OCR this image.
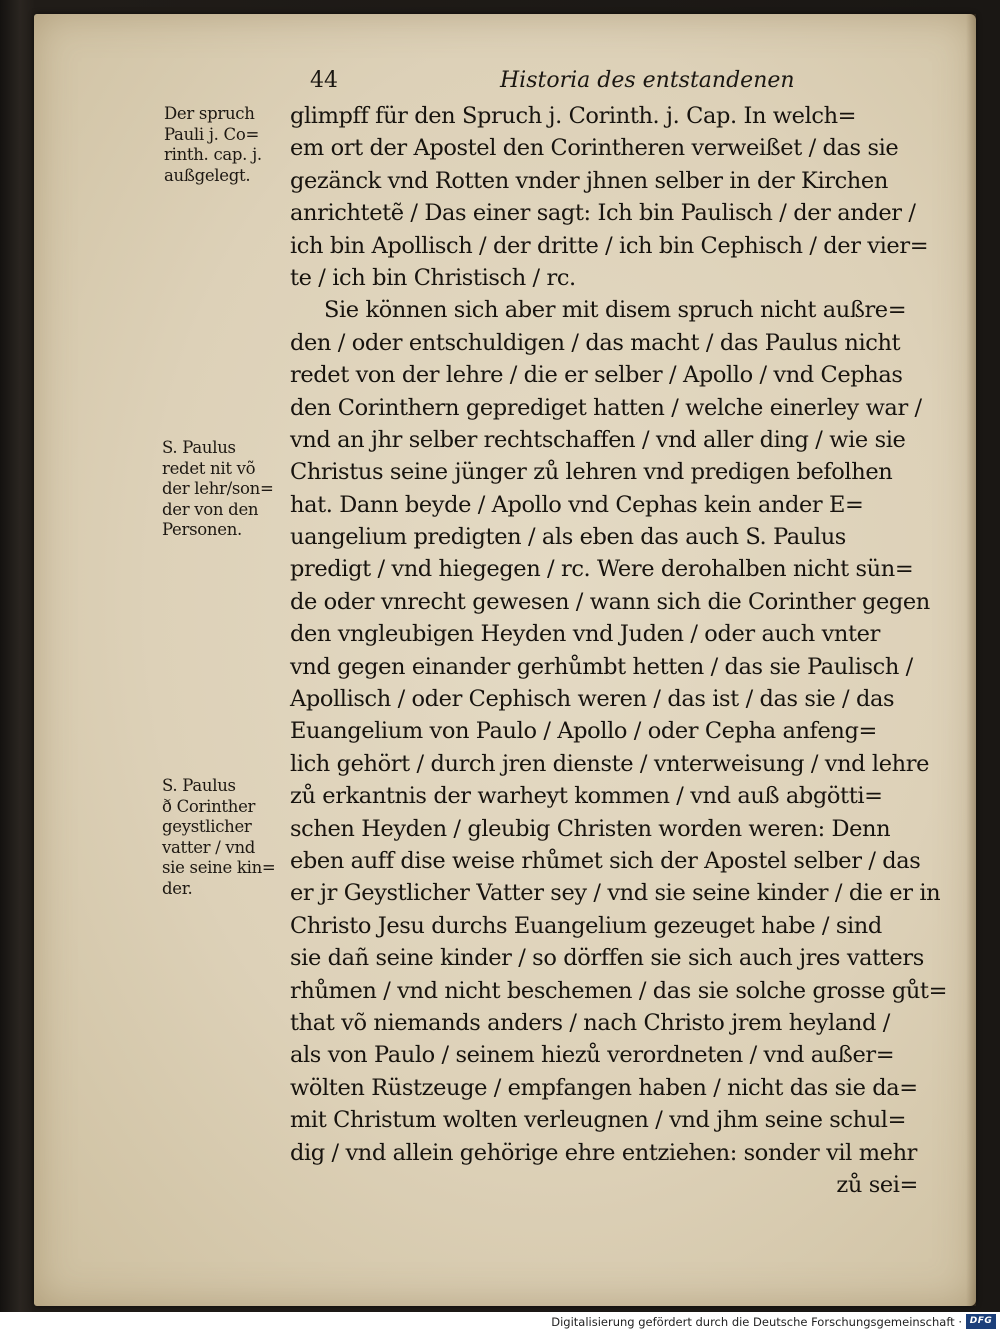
44	Historia des entstandenen
Der spruch
Pauli j. Co=
rinth. cap. j.
außgelegt.
S. Paulus
redet nit võ
der lehr/son=
der von den
Personen.
S. Paulus
ð Corinther
geystlicher
vatter / vnd
sie seine kin=
der.
glimpff für den Spruch j. Corinth. j. Cap. In welch=
em ort der Apostel den Corintheren verweißet / das sie
gezänck vnd Rotten vnder jhnen selber in der Kirchen
anrichtetẽ / Das einer sagt: Ich bin Paulisch / der ander /
ich bin Apollisch / der dritte / ich bin Cephisch / der vier=
te / ich bin Christisch / rc.
Sie können sich aber mit disem spruch nicht außre=
den / oder entschuldigen / das macht / das Paulus nicht
redet von der lehre / die er selber / Apollo / vnd Cephas
den Corinthern geprediget hatten / welche einerley war /
vnd an jhr selber rechtschaffen / vnd aller ding / wie sie
Christus seine jünger zů lehren vnd predigen befolhen
hat. Dann beyde / Apollo vnd Cephas kein ander E=
uangelium predigten / als eben das auch S. Paulus
predigt / vnd hiegegen / rc. Were derohalben nicht sün=
de oder vnrecht gewesen / wann sich die Corinther gegen
den vngleubigen Heyden vnd Juden / oder auch vnter
vnd gegen einander gerhůmbt hetten / das sie Paulisch /
Apollisch / oder Cephisch weren / das ist / das sie / das
Euangelium von Paulo / Apollo / oder Cepha anfeng=
lich gehört / durch jren dienste / vnterweisung / vnd lehre
zů erkantnis der warheyt kommen / vnd auß abgötti=
schen Heyden / gleubig Christen worden weren: Denn
eben auff dise weise rhůmet sich der Apostel selber / das
er jr Geystlicher Vatter sey / vnd sie seine kinder / die er in
Christo Jesu durchs Euangelium gezeuget habe / sind
sie dañ seine kinder / so dörffen sie sich auch jres vatters
rhůmen / vnd nicht beschemen / das sie solche grosse gůt=
that võ niemands anders / nach Christo jrem heyland /
als von Paulo / seinem hiezů verordneten / vnd außer=
wölten Rüstzeuge / empfangen haben / nicht das sie da=
mit Christum wolten verleugnen / vnd jhm seine schul=
dig / vnd allein gehörige ehre entziehen: sonder vil mehr
zů sei=
Digitalisierung gefördert durch die Deutsche Forschungsgemeinschaft · DFG
